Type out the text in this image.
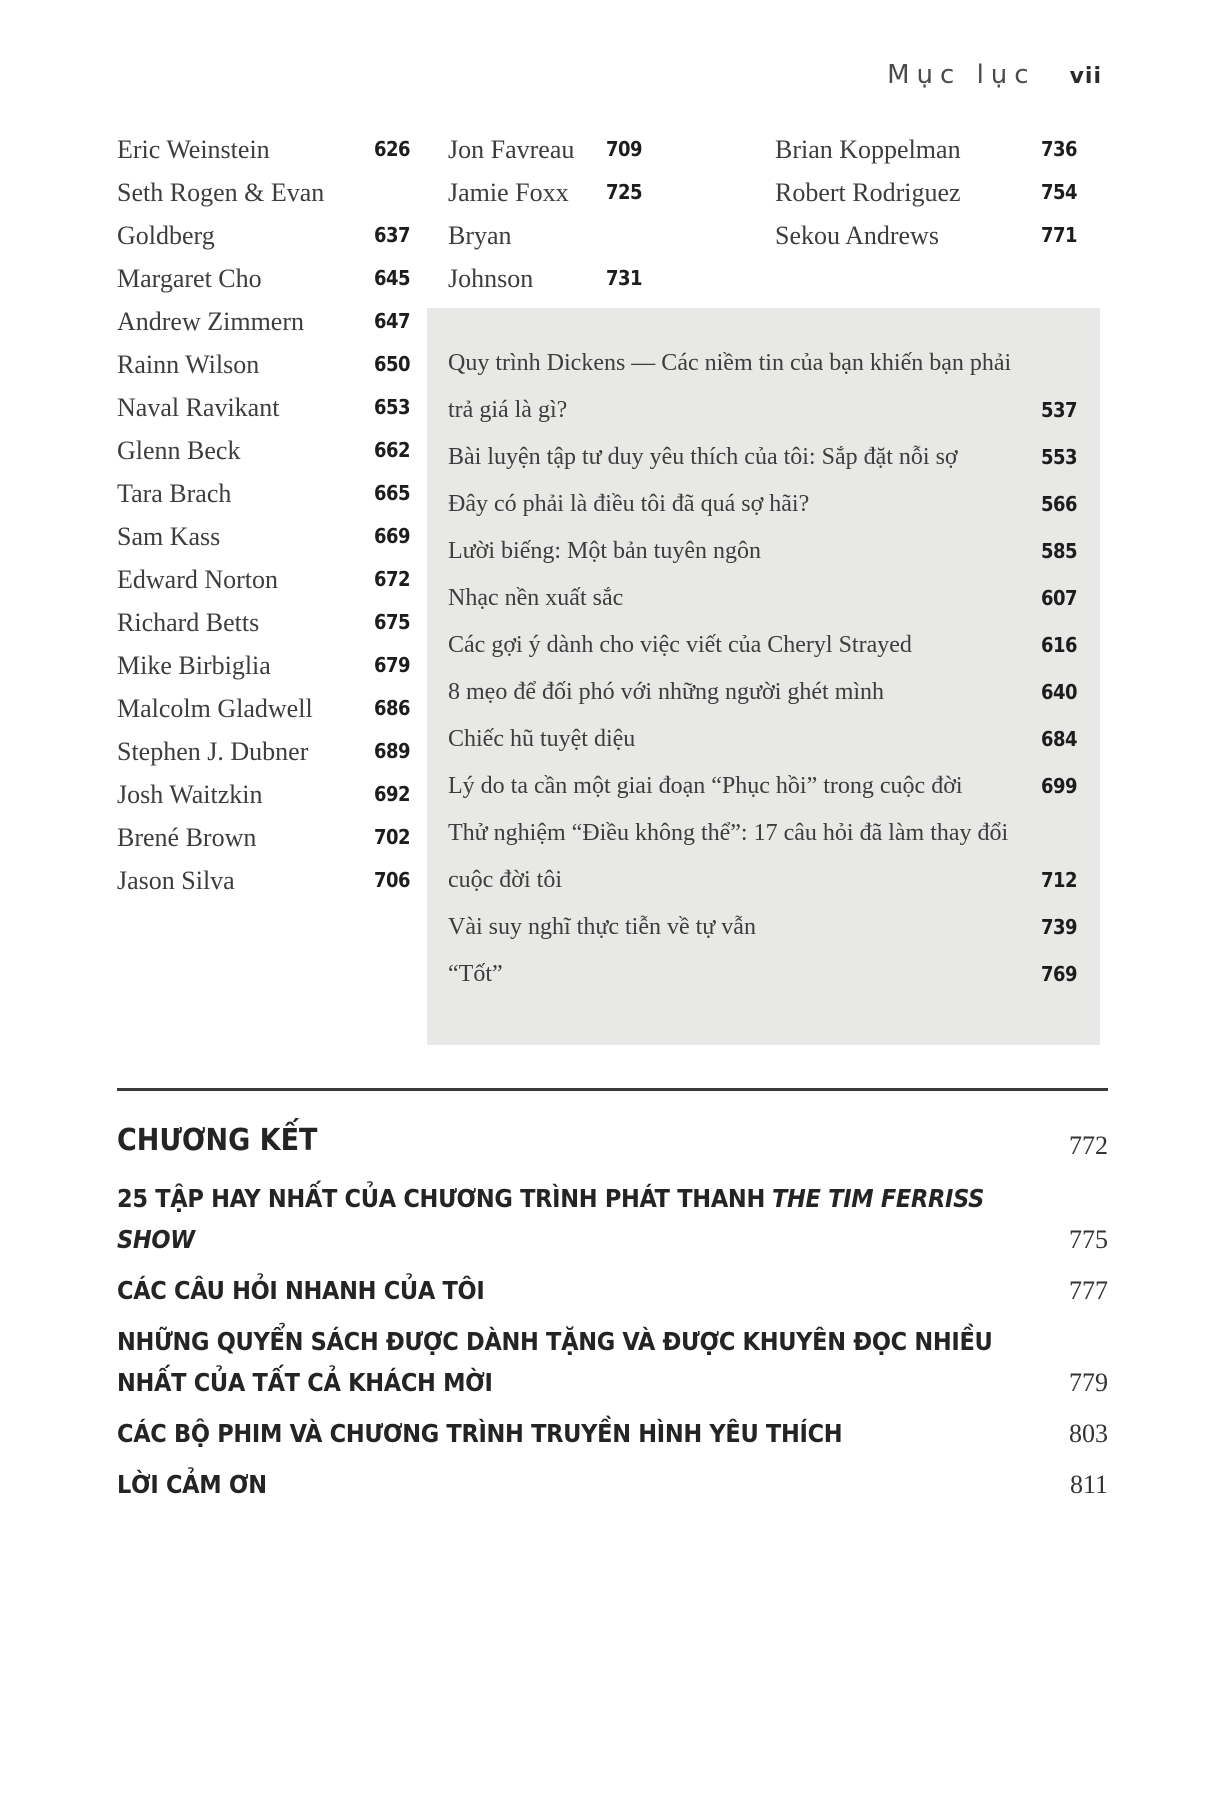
Mục lục vii
Eric Weinstein	626
Seth Rogen & Evan Goldberg	637
Margaret Cho	645
Andrew Zimmern	647
Rainn Wilson	650
Naval Ravikant	653
Glenn Beck	662
Tara Brach	665
Sam Kass	669
Edward Norton	672
Richard Betts	675
Mike Birbiglia	679
Malcolm Gladwell	686
Stephen J. Dubner	689
Josh Waitzkin	692
Brené Brown	702
Jason Silva	706
Jon Favreau	709
Jamie Foxx	725
Bryan Johnson	731
Brian Koppelman	736
Robert Rodriguez	754
Sekou Andrews	771
Quy trình Dickens — Các niềm tin của bạn khiến bạn phải trả giá là gì?	537
Bài luyện tập tư duy yêu thích của tôi: Sắp đặt nỗi sợ	553
Đây có phải là điều tôi đã quá sợ hãi?	566
Lười biếng: Một bản tuyên ngôn	585
Nhạc nền xuất sắc	607
Các gợi ý dành cho việc viết của Cheryl Strayed	616
8 mẹo để đối phó với những người ghét mình	640
Chiếc hũ tuyệt diệu	684
Lý do ta cần một giai đoạn “Phục hồi” trong cuộc đời	699
Thử nghiệm “Điều không thể”: 17 câu hỏi đã làm thay đổi cuộc đời tôi	712
Vài suy nghĩ thực tiễn về tự vẫn	739
“Tốt”	769
CHƯƠNG KẾT	772
25 TẬP HAY NHẤT CỦA CHƯƠNG TRÌNH PHÁT THANH THE TIM FERRISS SHOW	775
CÁC CÂU HỎI NHANH CỦA TÔI	777
NHỮNG QUYỂN SÁCH ĐƯỢC DÀNH TẶNG VÀ ĐƯỢC KHUYÊN ĐỌC NHIỀU NHẤT CỦA TẤT CẢ KHÁCH MỜI	779
CÁC BỘ PHIM VÀ CHƯƠNG TRÌNH TRUYỀN HÌNH YÊU THÍCH	803
LỜI CẢM ƠN	811
